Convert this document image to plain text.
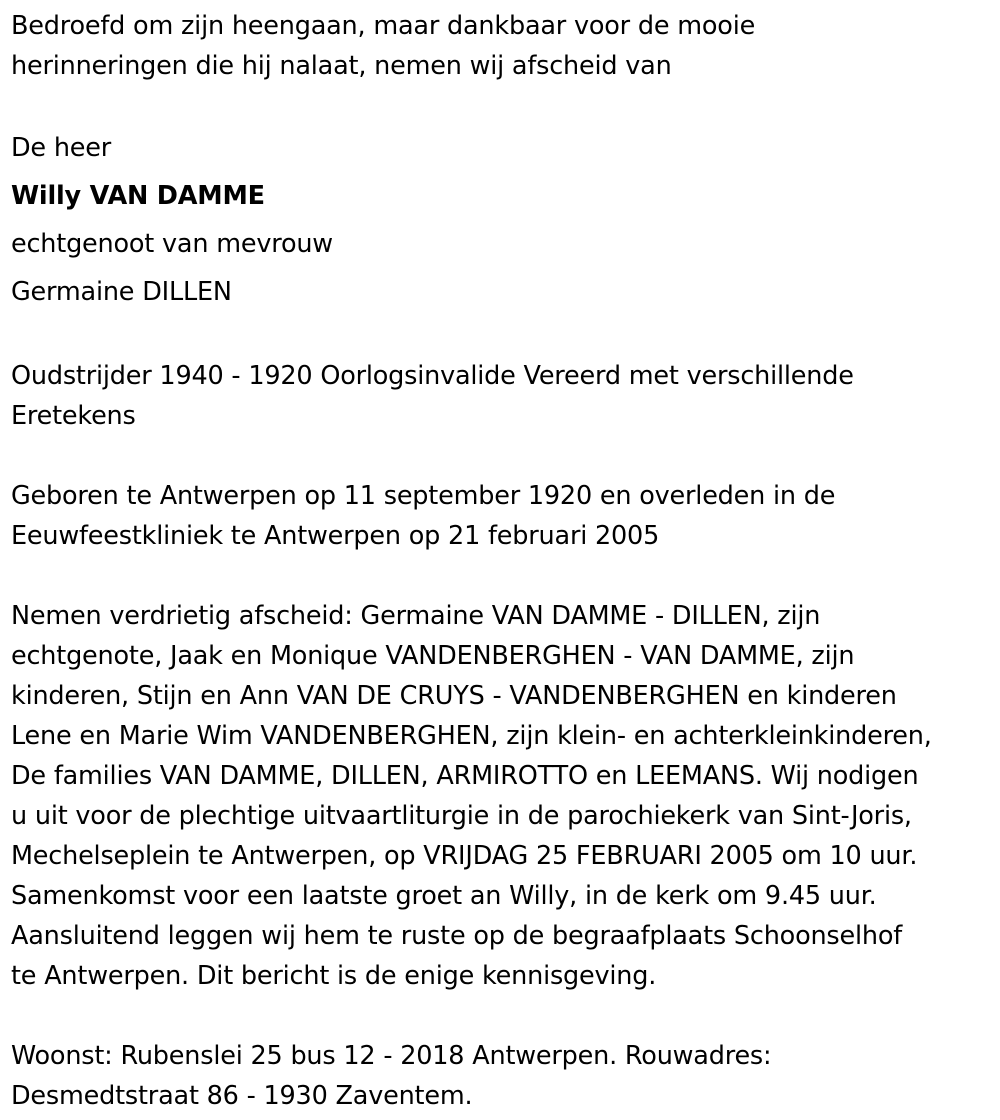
Bedroefd om zijn heengaan, maar dankbaar voor de mooie
herinneringen die hij nalaat, nemen wij afscheid van
De heer
Willy VAN DAMME
echtgenoot van mevrouw
Germaine DILLEN
Oudstrijder 1940 - 1920 Oorlogsinvalide Vereerd met verschillende
Eretekens
Geboren te Antwerpen op 11 september 1920 en overleden in de
Eeuwfeestkliniek te Antwerpen op 21 februari 2005
Nemen verdrietig afscheid: Germaine VAN DAMME - DILLEN, zijn
echtgenote, Jaak en Monique VANDENBERGHEN - VAN DAMME, zijn
kinderen, Stijn en Ann VAN DE CRUYS - VANDENBERGHEN en kinderen
Lene en Marie Wim VANDENBERGHEN, zijn klein- en achterkleinkinderen,
De families VAN DAMME, DILLEN, ARMIROTTO en LEEMANS. Wij nodigen
u uit voor de plechtige uitvaartliturgie in de parochiekerk van Sint-Joris,
Mechelseplein te Antwerpen, op VRIJDAG 25 FEBRUARI 2005 om 10 uur.
Samenkomst voor een laatste groet an Willy, in de kerk om 9.45 uur.
Aansluitend leggen wij hem te ruste op de begraafplaats Schoonselhof
te Antwerpen. Dit bericht is de enige kennisgeving.
Woonst: Rubenslei 25 bus 12 - 2018 Antwerpen. Rouwadres:
Desmedtstraat 86 - 1930 Zaventem.
